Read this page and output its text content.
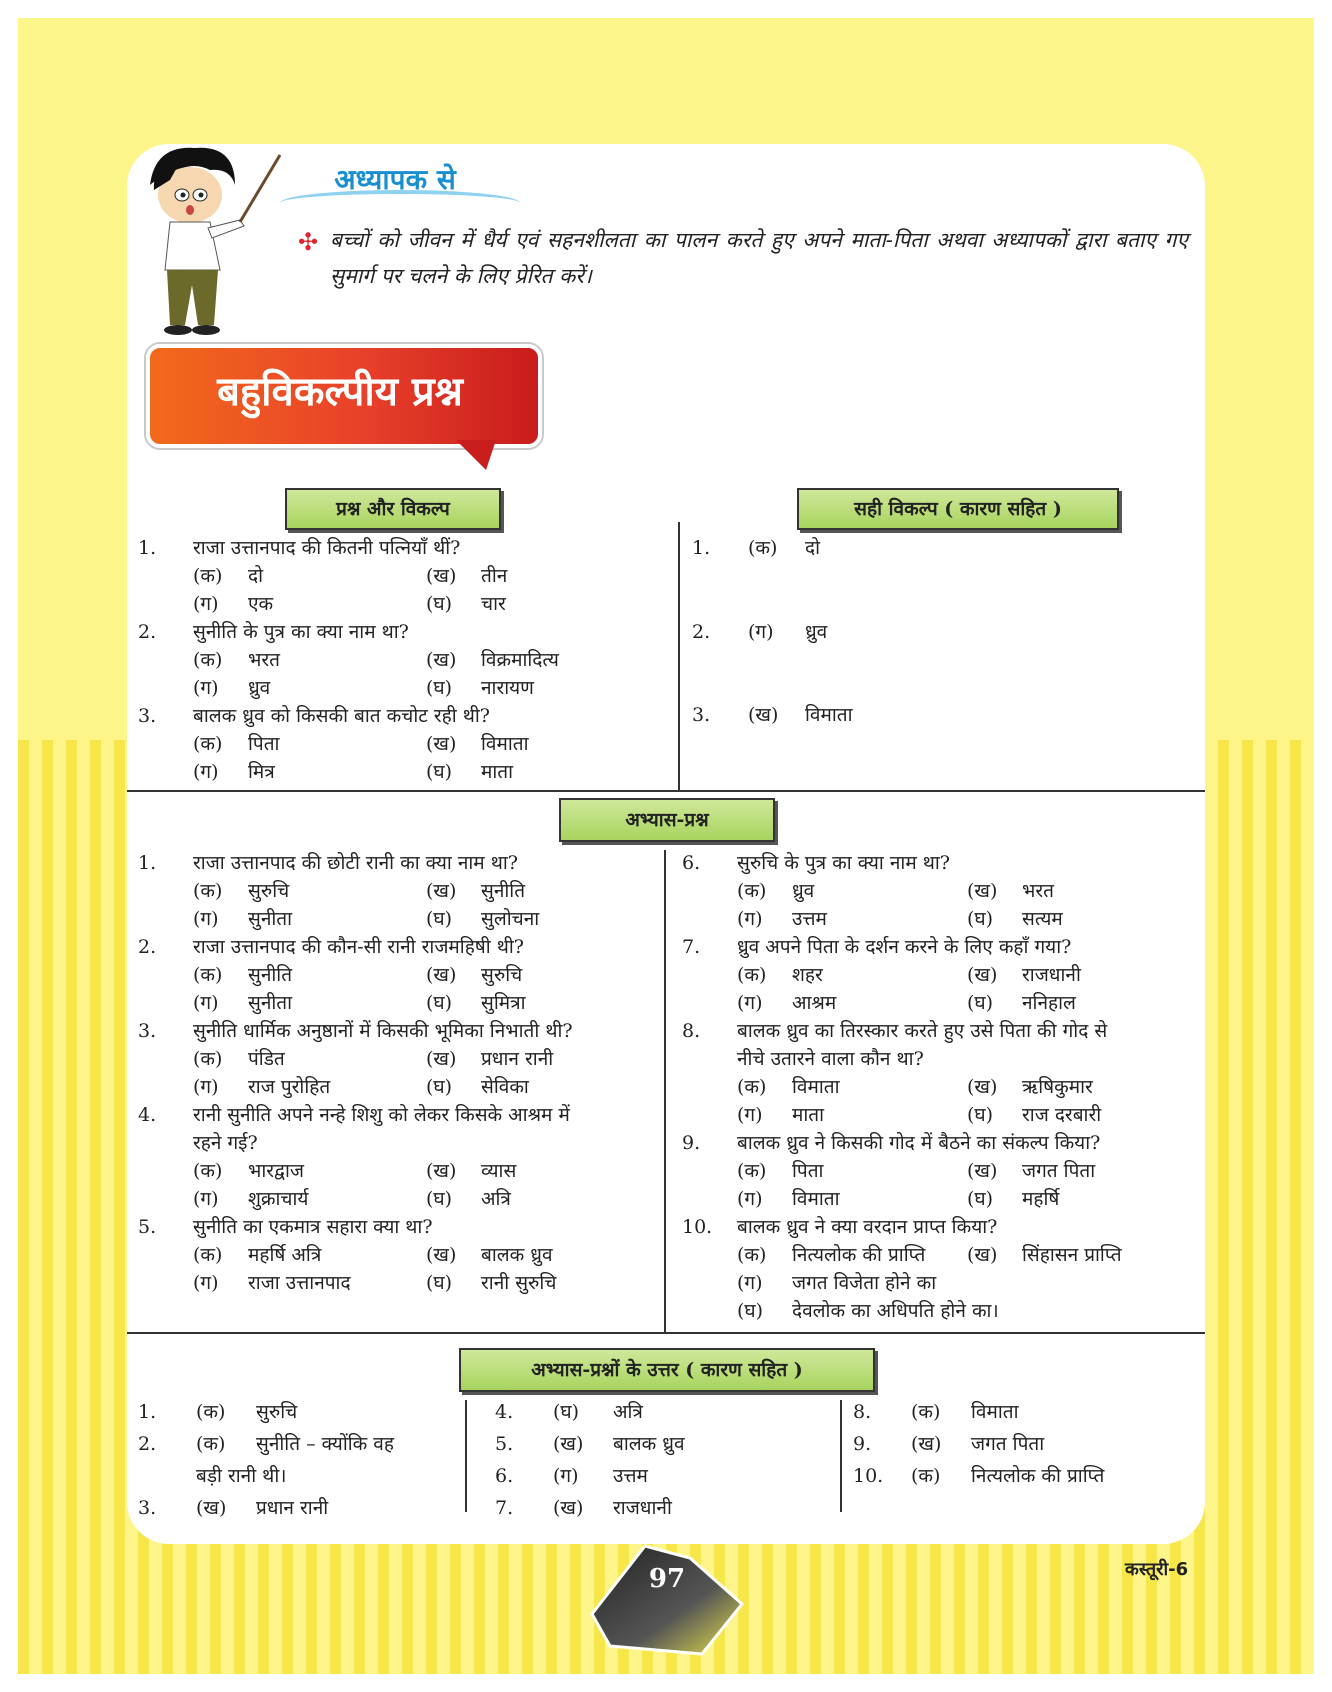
अध्यापक से
✣ बच्चों को जीवन में धैर्य एवं सहनशीलता का पालन करते हुए अपने माता-पिता अथवा अध्यापकों द्वारा बताए गए सुमार्ग पर चलने के लिए प्रेरित करें।
बहुविकल्पीय प्रश्न
प्रश्न और विकल्प	सही विकल्प ( कारण सहित )
1. राजा उत्तानपाद की कितनी पत्नियाँ थीं?
(क) दो	(ख) तीन
(ग) एक	(घ) चार
2. सुनीति के पुत्र का क्या नाम था?
(क) भरत	(ख) विक्रमादित्य
(ग) ध्रुव	(घ) नारायण
3. बालक ध्रुव को किसकी बात कचोट रही थी?
(क) पिता	(ख) विमाता
(ग) मित्र	(घ) माता
1. (क) दो
2. (ग) ध्रुव
3. (ख) विमाता
अभ्यास-प्रश्न
1. राजा उत्तानपाद की छोटी रानी का क्या नाम था?
(क) सुरुचि	(ख) सुनीति
(ग) सुनीता	(घ) सुलोचना
2. राजा उत्तानपाद की कौन-सी रानी राजमहिषी थी?
(क) सुनीति	(ख) सुरुचि
(ग) सुनीता	(घ) सुमित्रा
3. सुनीति धार्मिक अनुष्ठानों में किसकी भूमिका निभाती थी?
(क) पंडित	(ख) प्रधान रानी
(ग) राज पुरोहित	(घ) सेविका
4. रानी सुनीति अपने नन्हे शिशु को लेकर किसके आश्रम में
रहने गई?
(क) भारद्वाज	(ख) व्यास
(ग) शुक्राचार्य	(घ) अत्रि
5. सुनीति का एकमात्र सहारा क्या था?
(क) महर्षि अत्रि	(ख) बालक ध्रुव
(ग) राजा उत्तानपाद	(घ) रानी सुरुचि
6. सुरुचि के पुत्र का क्या नाम था?
(क) ध्रुव	(ख) भरत
(ग) उत्तम	(घ) सत्यम
7. ध्रुव अपने पिता के दर्शन करने के लिए कहाँ गया?
(क) शहर	(ख) राजधानी
(ग) आश्रम	(घ) ननिहाल
8. बालक ध्रुव का तिरस्कार करते हुए उसे पिता की गोद से
नीचे उतारने वाला कौन था?
(क) विमाता	(ख) ऋषिकुमार
(ग) माता	(घ) राज दरबारी
9. बालक ध्रुव ने किसकी गोद में बैठने का संकल्प किया?
(क) पिता	(ख) जगत पिता
(ग) विमाता	(घ) महर्षि
10. बालक ध्रुव ने क्या वरदान प्राप्त किया?
(क) नित्यलोक की प्राप्ति (ख) सिंहासन प्राप्ति
(ग) जगत विजेता होने का
(घ) देवलोक का अधिपति होने का।
अभ्यास-प्रश्नों के उत्तर ( कारण सहित )
1. (क) सुरुचि
2. (क) सुनीति – क्योंकि वह
बड़ी रानी थी।
3. (ख) प्रधान रानी
4. (घ) अत्रि
5. (ख) बालक ध्रुव
6. (ग) उत्तम
7. (ख) राजधानी
8. (क) विमाता
9. (ख) जगत पिता
10. (क) नित्यलोक की प्राप्ति
97	कस्तूरी-6
